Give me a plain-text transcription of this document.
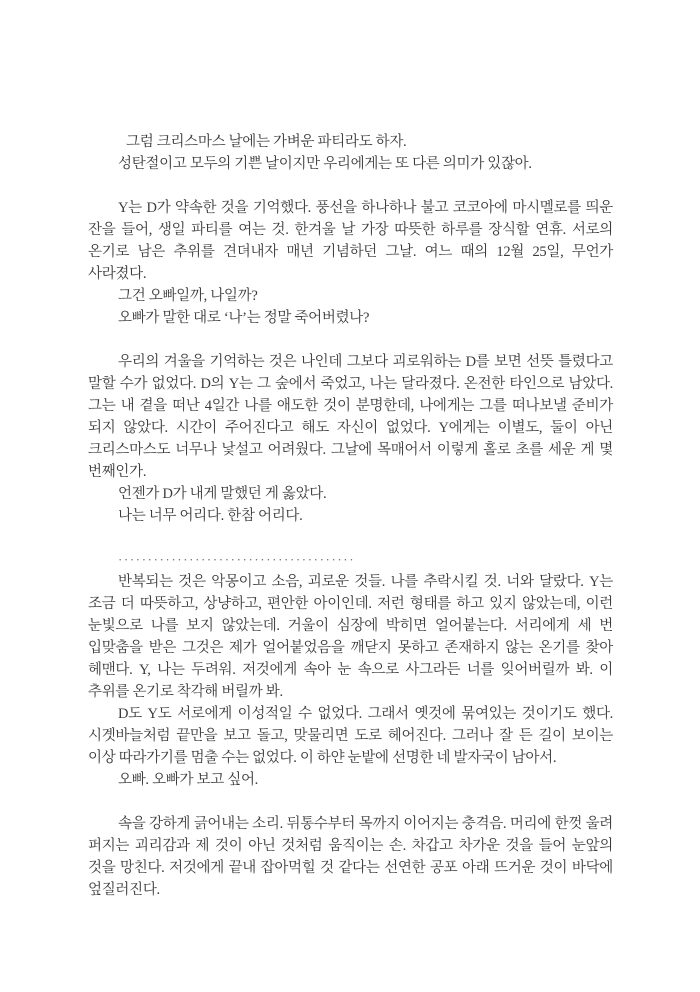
그럼 크리스마스 날에는 가벼운 파티라도 하자.

성탄절이고 모두의 기쁜 날이지만 우리에게는 또 다른 의미가 있잖아.

Y는 D가 약속한 것을 기억했다. 풍선을 하나하나 불고 코코아에 마시멜로를 띄운 잔을 들어, 생일 파티를 여는 것. 한겨울 날 가장 따뜻한 하루를 장식할 연휴. 서로의 온기로 남은 추위를 견뎌내자 매년 기념하던 그날. 여느 때의 12월 25일, 무언가 사라졌다.

그건 오빠일까, 나일까?

오빠가 말한 대로 ‘나’는 정말 죽어버렸나?

우리의 겨울을 기억하는 것은 나인데 그보다 괴로워하는 D를 보면 선뜻 틀렸다고 말할 수가 없었다. D의 Y는 그 숲에서 죽었고, 나는 달라졌다. 온전한 타인으로 남았다. 그는 내 곁을 떠난 4일간 나를 애도한 것이 분명한데, 나에게는 그를 떠나보낼 준비가 되지 않았다. 시간이 주어진다고 해도 자신이 없었다. Y에게는 이별도, 둘이 아닌 크리스마스도 너무나 낯설고 어려웠다. 그날에 목매어서 이렇게 홀로 초를 세운 게 몇 번째인가.

언젠가 D가 내게 말했던 게 옳았다.

나는 너무 어리다. 한참 어리다.

········································

반복되는 것은 악몽이고 소음, 괴로운 것들. 나를 추락시킬 것. 너와 달랐다. Y는 조금 더 따뜻하고, 상냥하고, 편안한 아이인데. 저런 형태를 하고 있지 않았는데, 이런 눈빛으로 나를 보지 않았는데. 거울이 심장에 박히면 얼어붙는다. 서리에게 세 번 입맞춤을 받은 그것은 제가 얼어붙었음을 깨닫지 못하고 존재하지 않는 온기를 찾아 헤맨다. Y, 나는 두려워. 저것에게 속아 눈 속으로 사그라든 너를 잊어버릴까 봐. 이 추위를 온기로 착각해 버릴까 봐.

D도 Y도 서로에게 이성적일 수 없었다. 그래서 옛것에 묶여있는 것이기도 했다. 시곗바늘처럼 끝만을 보고 돌고, 맞물리면 도로 헤어진다. 그러나 잘 든 길이 보이는 이상 따라가기를 멈출 수는 없었다. 이 하얀 눈밭에 선명한 네 발자국이 남아서.

오빠. 오빠가 보고 싶어.

속을 강하게 긁어내는 소리. 뒤통수부터 목까지 이어지는 충격음. 머리에 한껏 울려 퍼지는 괴리감과 제 것이 아닌 것처럼 움직이는 손. 차갑고 차가운 것을 들어 눈앞의 것을 망친다. 저것에게 끝내 잡아먹힐 것 같다는 선연한 공포 아래 뜨거운 것이 바닥에 엎질러진다.
